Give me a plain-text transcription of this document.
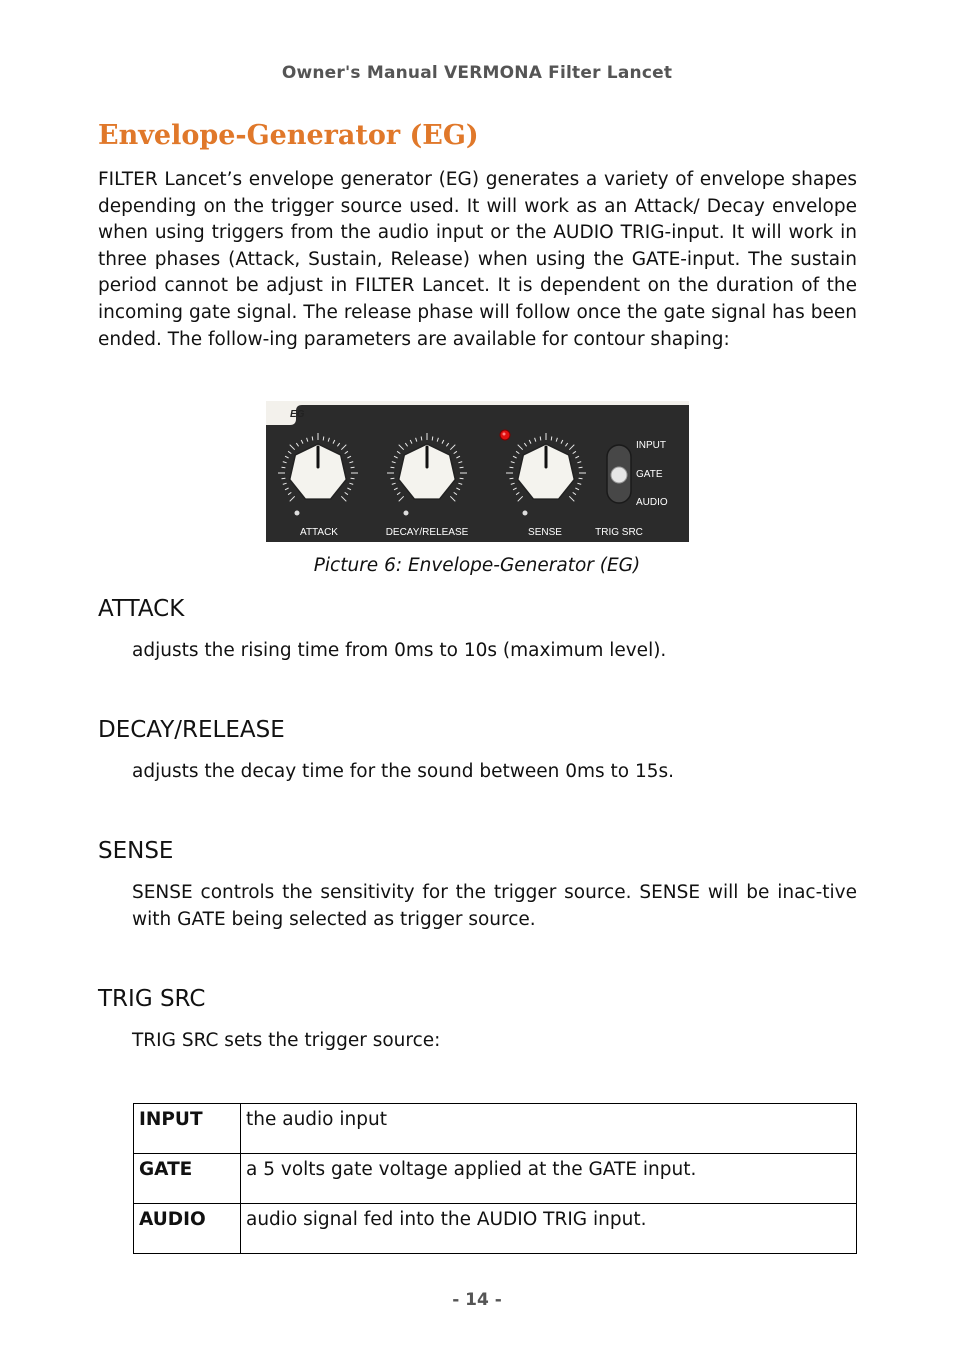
Owner's Manual VERMONA Filter Lancet
Envelope-Generator (EG)

FILTER Lancet’s envelope generator (EG) generates a variety of envelope shapes depending on the trigger source used. It will work as an Attack/ Decay envelope when using triggers from the audio input or the AUDIO TRIG-input. It will work in three phases (Attack, Sustain, Release) when using the GATE-input. The sustain period cannot be adjust in FILTER Lancet. It is dependent on the duration of the incoming gate signal. The release phase will follow once the gate signal has been ended. The follow-ing parameters are available for contour shaping:

EG
INPUT
GATE
AUDIO
ATTACK	DECAY/RELEASE	SENSE	TRIG SRC

Picture 6: Envelope-Generator (EG)

ATTACK

adjusts the rising time from 0ms to 10s (maximum level).

DECAY/RELEASE

adjusts the decay time for the sound between 0ms to 15s.

SENSE

SENSE controls the sensitivity for the trigger source. SENSE will be inac-tive with GATE being selected as trigger source.

TRIG SRC

TRIG SRC sets the trigger source:

INPUT	the audio input
GATE	a 5 volts gate voltage applied at the GATE input.
AUDIO	audio signal fed into the AUDIO TRIG input.
- 14 -
